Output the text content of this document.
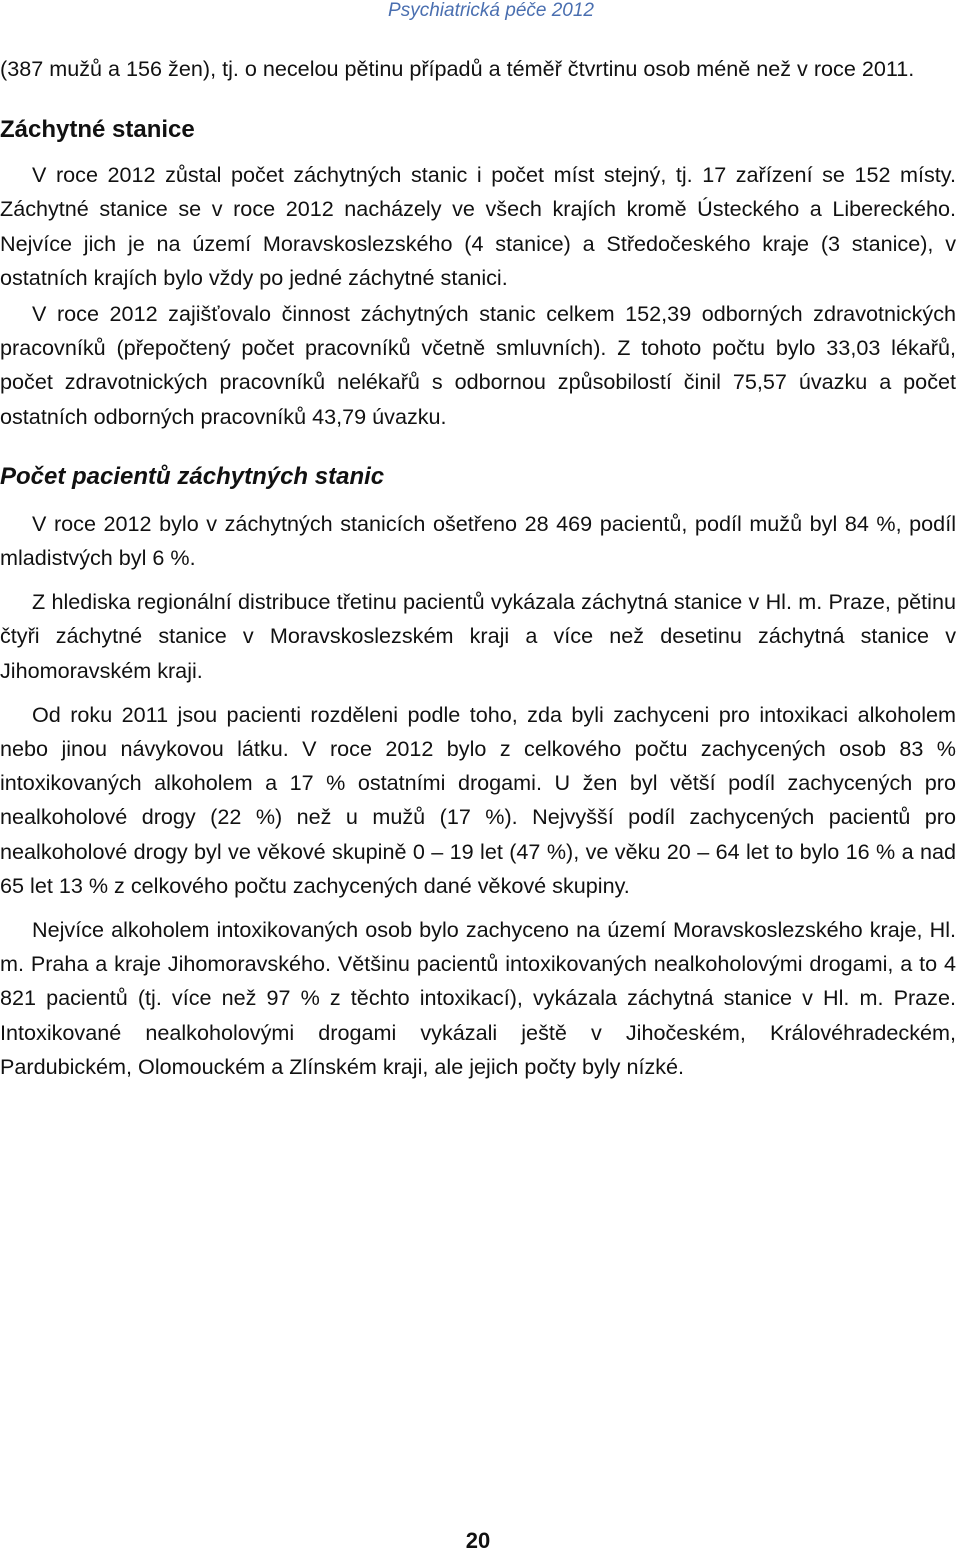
Psychiatrická péče 2012

(387 mužů a 156 žen), tj. o necelou pětinu případů a téměř čtvrtinu osob méně než v roce 2011.

Záchytné stanice

V roce 2012 zůstal počet záchytných stanic i počet míst stejný, tj. 17 zařízení se 152 místy. Záchytné stanice se v roce 2012 nacházely ve všech krajích kromě Ústeckého a Libereckého. Nejvíce jich je na území Moravskoslezského (4 stanice) a Středočeského kraje (3 stanice), v ostatních krajích bylo vždy po jedné záchytné stanici.

V roce 2012 zajišťovalo činnost záchytných stanic celkem 152,39 odborných zdravotnických pracovníků (přepočtený počet pracovníků včetně smluvních). Z tohoto počtu bylo 33,03 lékařů, počet zdravotnických pracovníků nelékařů s odbornou způsobilostí činil 75,57 úvazku a počet ostatních odborných pracovníků 43,79 úvazku.

Počet pacientů záchytných stanic

V roce 2012 bylo v záchytných stanicích ošetřeno 28 469 pacientů, podíl mužů byl 84 %, podíl mladistvých byl 6 %.

Z hlediska regionální distribuce třetinu pacientů vykázala záchytná stanice v Hl. m. Praze, pětinu čtyři záchytné stanice v Moravskoslezském kraji a více než desetinu záchytná stanice v Jihomoravském kraji.

Od roku 2011 jsou pacienti rozděleni podle toho, zda byli zachyceni pro intoxikaci alkoholem nebo jinou návykovou látku. V roce 2012 bylo z celkového počtu zachycených osob 83 % intoxikovaných alkoholem a 17 % ostatními drogami. U žen byl větší podíl zachycených pro nealkoholové drogy (22 %) než u mužů (17 %). Nejvyšší podíl zachycených pacientů pro nealkoholové drogy byl ve věkové skupině 0 – 19 let (47 %), ve věku 20 – 64 let to bylo 16 % a nad 65 let 13 % z celkového počtu zachycených dané věkové skupiny.

Nejvíce alkoholem intoxikovaných osob bylo zachyceno na území Moravskoslezského kraje, Hl. m. Praha a kraje Jihomoravského. Většinu pacientů intoxikovaných nealkoholovými drogami, a to 4 821 pacientů (tj. více než 97 % z těchto intoxikací), vykázala záchytná stanice v Hl. m. Praze. Intoxikované nealkoholovými drogami vykázali ještě v Jihočeském, Královéhradeckém, Pardubickém, Olomouckém a Zlínském kraji, ale jejich počty byly nízké.

20
